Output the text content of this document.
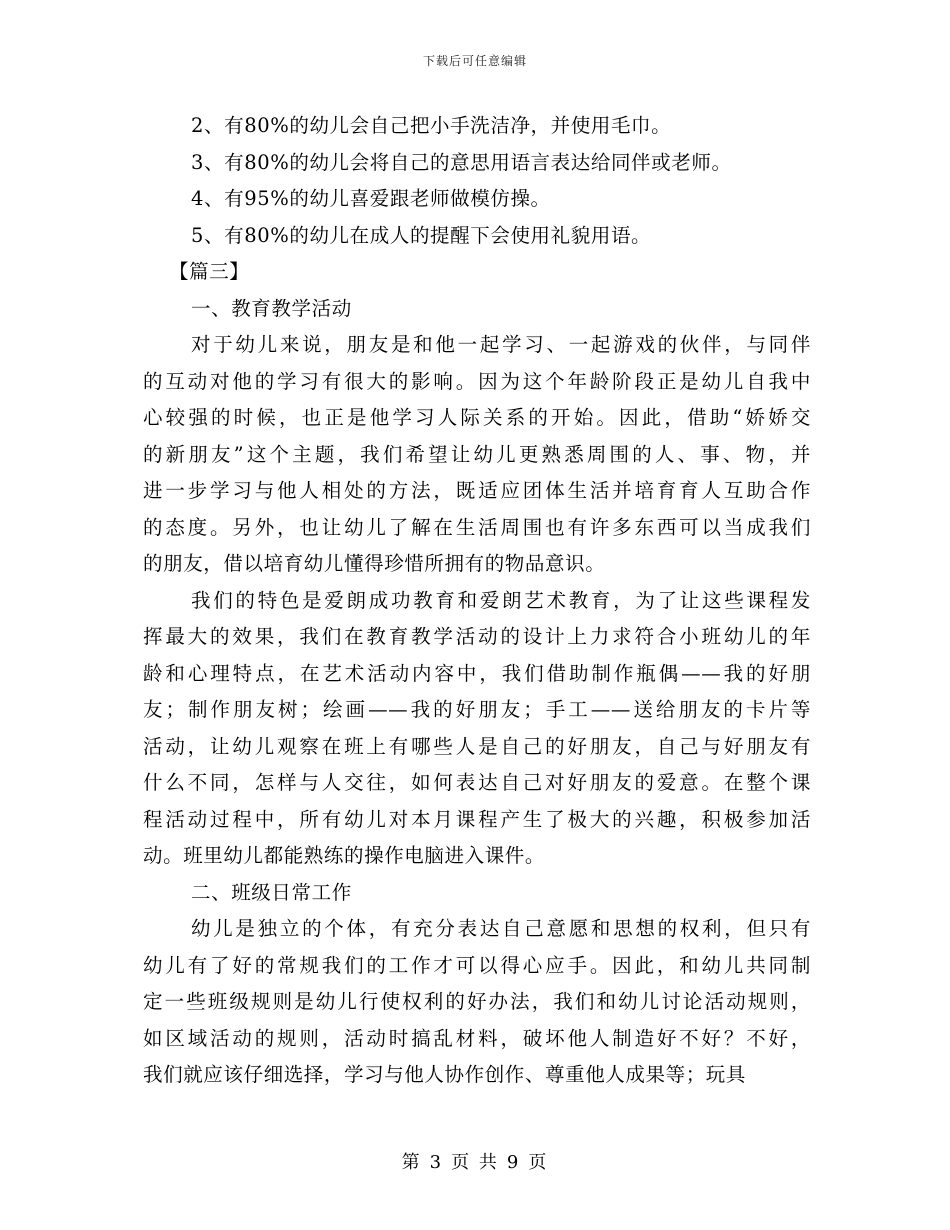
下载后可任意编辑
2、有80%的幼儿会自己把小手洗洁净，并使用毛巾。
3、有80%的幼儿会将自己的意思用语言表达给同伴或老师。
4、有95%的幼儿喜爱跟老师做模仿操。
5、有80%的幼儿在成人的提醒下会使用礼貌用语。
【篇三】
一、教育教学活动
对于幼儿来说，朋友是和他一起学习、一起游戏的伙伴，与同伴
的互动对他的学习有很大的影响。因为这个年龄阶段正是幼儿自我中
心较强的时候，也正是他学习人际关系的开始。因此，借助“娇娇交
的新朋友”这个主题，我们希望让幼儿更熟悉周围的人、事、物，并
进一步学习与他人相处的方法，既适应团体生活并培育育人互助合作
的态度。另外，也让幼儿了解在生活周围也有许多东西可以当成我们
的朋友，借以培育幼儿懂得珍惜所拥有的物品意识。
我们的特色是爱朗成功教育和爱朗艺术教育，为了让这些课程发
挥最大的效果，我们在教育教学活动的设计上力求符合小班幼儿的年
龄和心理特点，在艺术活动内容中，我们借助制作瓶偶——我的好朋
友；制作朋友树；绘画——我的好朋友；手工——送给朋友的卡片等
活动，让幼儿观察在班上有哪些人是自己的好朋友，自己与好朋友有
什么不同，怎样与人交往，如何表达自己对好朋友的爱意。在整个课
程活动过程中，所有幼儿对本月课程产生了极大的兴趣，积极参加活
动。班里幼儿都能熟练的操作电脑进入课件。
二、班级日常工作
幼儿是独立的个体，有充分表达自己意愿和思想的权利，但只有
幼儿有了好的常规我们的工作才可以得心应手。因此，和幼儿共同制
定一些班级规则是幼儿行使权利的好办法，我们和幼儿讨论活动规则，
如区域活动的规则，活动时搞乱材料，破坏他人制造好不好？不好，
我们就应该仔细选择，学习与他人协作创作、尊重他人成果等；玩具
第 3 页 共 9 页
